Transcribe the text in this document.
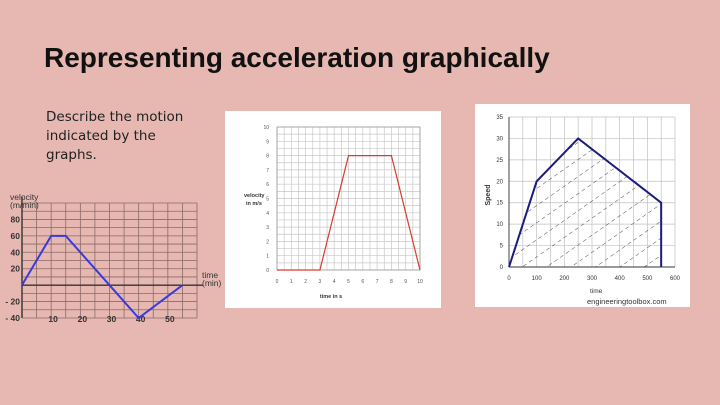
Representing acceleration graphically
Describe the motion indicated by the graphs.
velocity
(m/min)
time
(min)
80
60
40
20
- 20
- 40	10 20 30 40 50
10
9
8
7
6
5
4
3
2
1
0
0 1 2 3 4 5 6 7 8 9 10
velocity
in m/s
time in s
35
30
25
20
15
10
5
0
0	100	200	300	400	500	600
Speed
time
engineeringtoolbox.com
